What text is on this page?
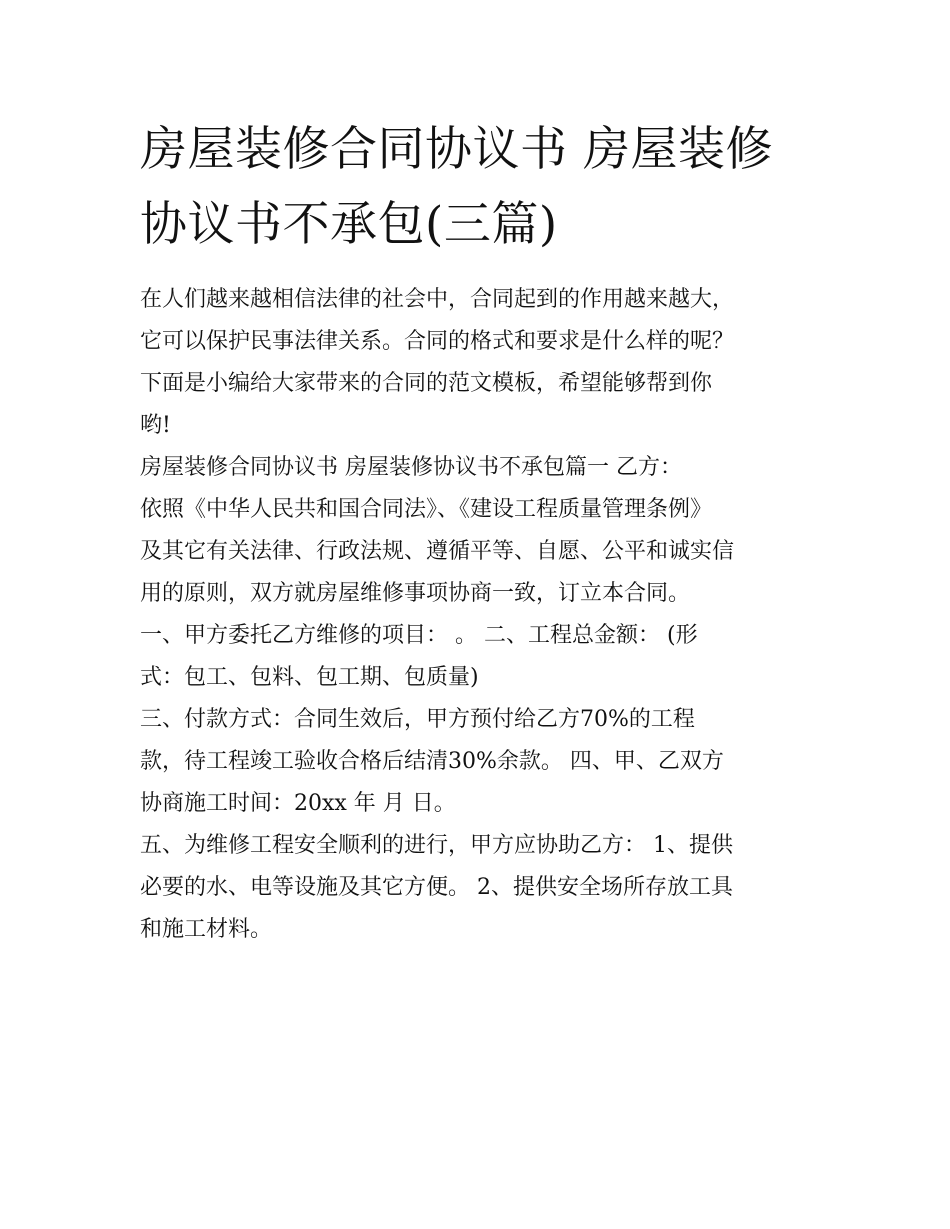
房屋装修合同协议书 房屋装修
协议书不承包(三篇)
在人们越来越相信法律的社会中，合同起到的作用越来越大，
它可以保护民事法律关系。合同的格式和要求是什么样的呢？
下面是小编给大家带来的合同的范文模板，希望能够帮到你
哟!
房屋装修合同协议书 房屋装修协议书不承包篇一 乙方：
依照《中华人民共和国合同法》、《建设工程质量管理条例》
及其它有关法律、行政法规、遵循平等、自愿、公平和诚实信
用的原则，双方就房屋维修事项协商一致，订立本合同。
一、甲方委托乙方维修的项目： 。 二、工程总金额： (形
式：包工、包料、包工期、包质量)
三、付款方式：合同生效后，甲方预付给乙方70%的工程
款，待工程竣工验收合格后结清30%余款。 四、甲、乙双方
协商施工时间：20xx 年 月 日。
五、为维修工程安全顺利的进行，甲方应协助乙方： 1、提供
必要的水、电等设施及其它方便。 2、提供安全场所存放工具
和施工材料。
